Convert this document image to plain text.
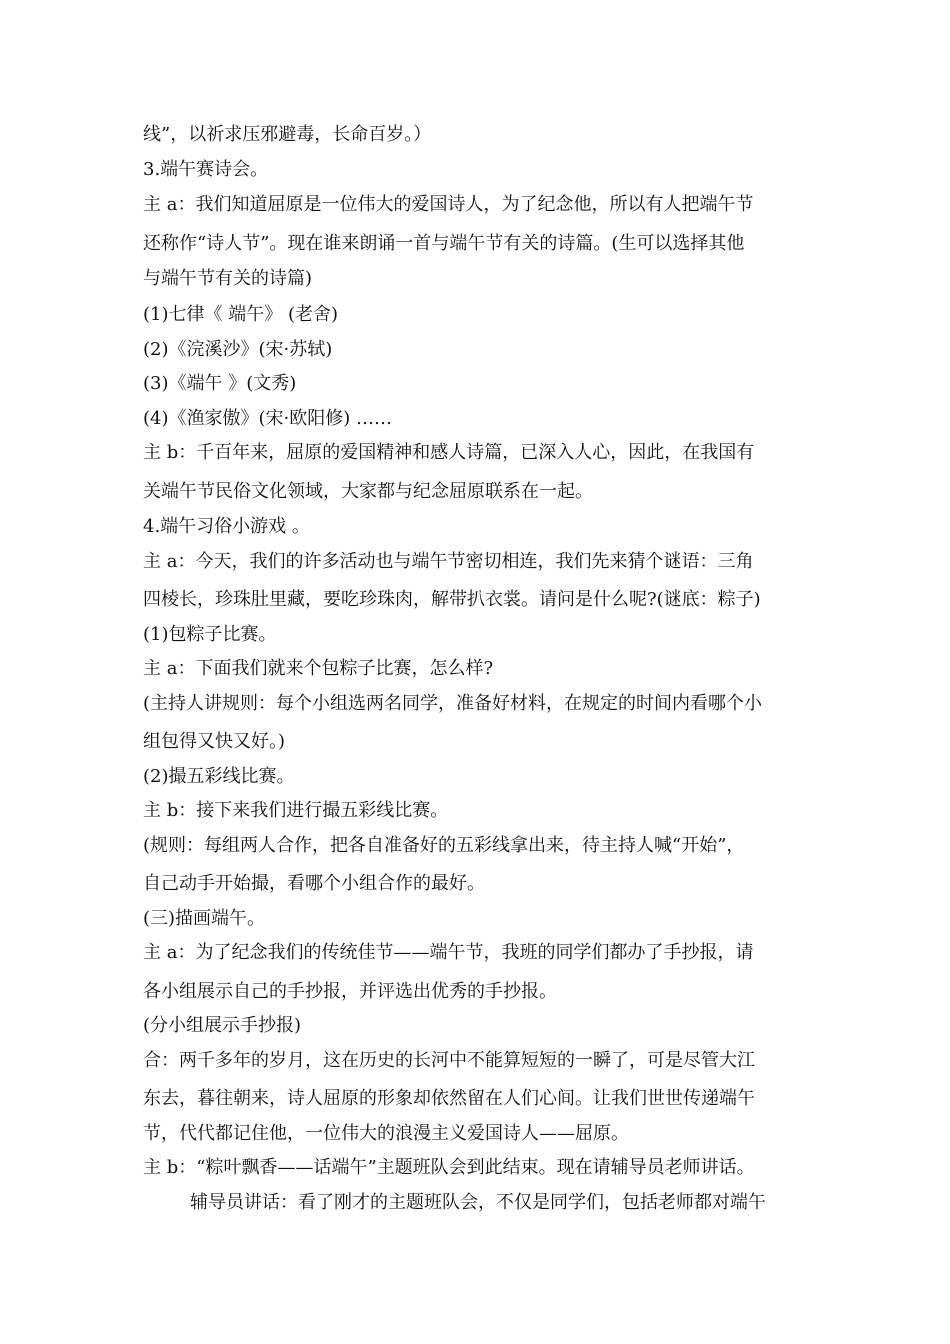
线”，以祈求压邪避毒，长命百岁。）
3.端午赛诗会。
主 a：我们知道屈原是一位伟大的爱国诗人，为了纪念他，所以有人把端午节
还称作“诗人节”。现在谁来朗诵一首与端午节有关的诗篇。(生可以选择其他
与端午节有关的诗篇)
(1)七律《 端午》 (老舍)
(2)《浣溪沙》(宋·苏轼)
(3)《端午 》(文秀)
(4)《渔家傲》(宋·欧阳修) ……
主 b：千百年来，屈原的爱国精神和感人诗篇，已深入人心，因此，在我国有
关端午节民俗文化领域，大家都与纪念屈原联系在一起。
4.端午习俗小游戏 。
主 a：今天，我们的许多活动也与端午节密切相连，我们先来猜个谜语：三角
四棱长，珍珠肚里藏，要吃珍珠肉，解带扒衣裳。请问是什么呢?(谜底：粽子)
(1)包粽子比赛。
主 a：下面我们就来个包粽子比赛，怎么样?
(主持人讲规则：每个小组选两名同学，准备好材料，在规定的时间内看哪个小
组包得又快又好。)
(2)撮五彩线比赛。
主 b：接下来我们进行撮五彩线比赛。
(规则：每组两人合作，把各自准备好的五彩线拿出来，待主持人喊“开始”，
自己动手开始撮，看哪个小组合作的最好。
(三)描画端午。
主 a：为了纪念我们的传统佳节——端午节，我班的同学们都办了手抄报，请
各小组展示自己的手抄报，并评选出优秀的手抄报。
(分小组展示手抄报)
合：两千多年的岁月，这在历史的长河中不能算短短的一瞬了，可是尽管大江
东去，暮往朝来，诗人屈原的形象却依然留在人们心间。让我们世世传递端午
节，代代都记住他，一位伟大的浪漫主义爱国诗人——屈原。
主 b：“粽叶飘香——话端午”主题班队会到此结束。现在请辅导员老师讲话。
辅导员讲话：看了刚才的主题班队会，不仅是同学们，包括老师都对端午
